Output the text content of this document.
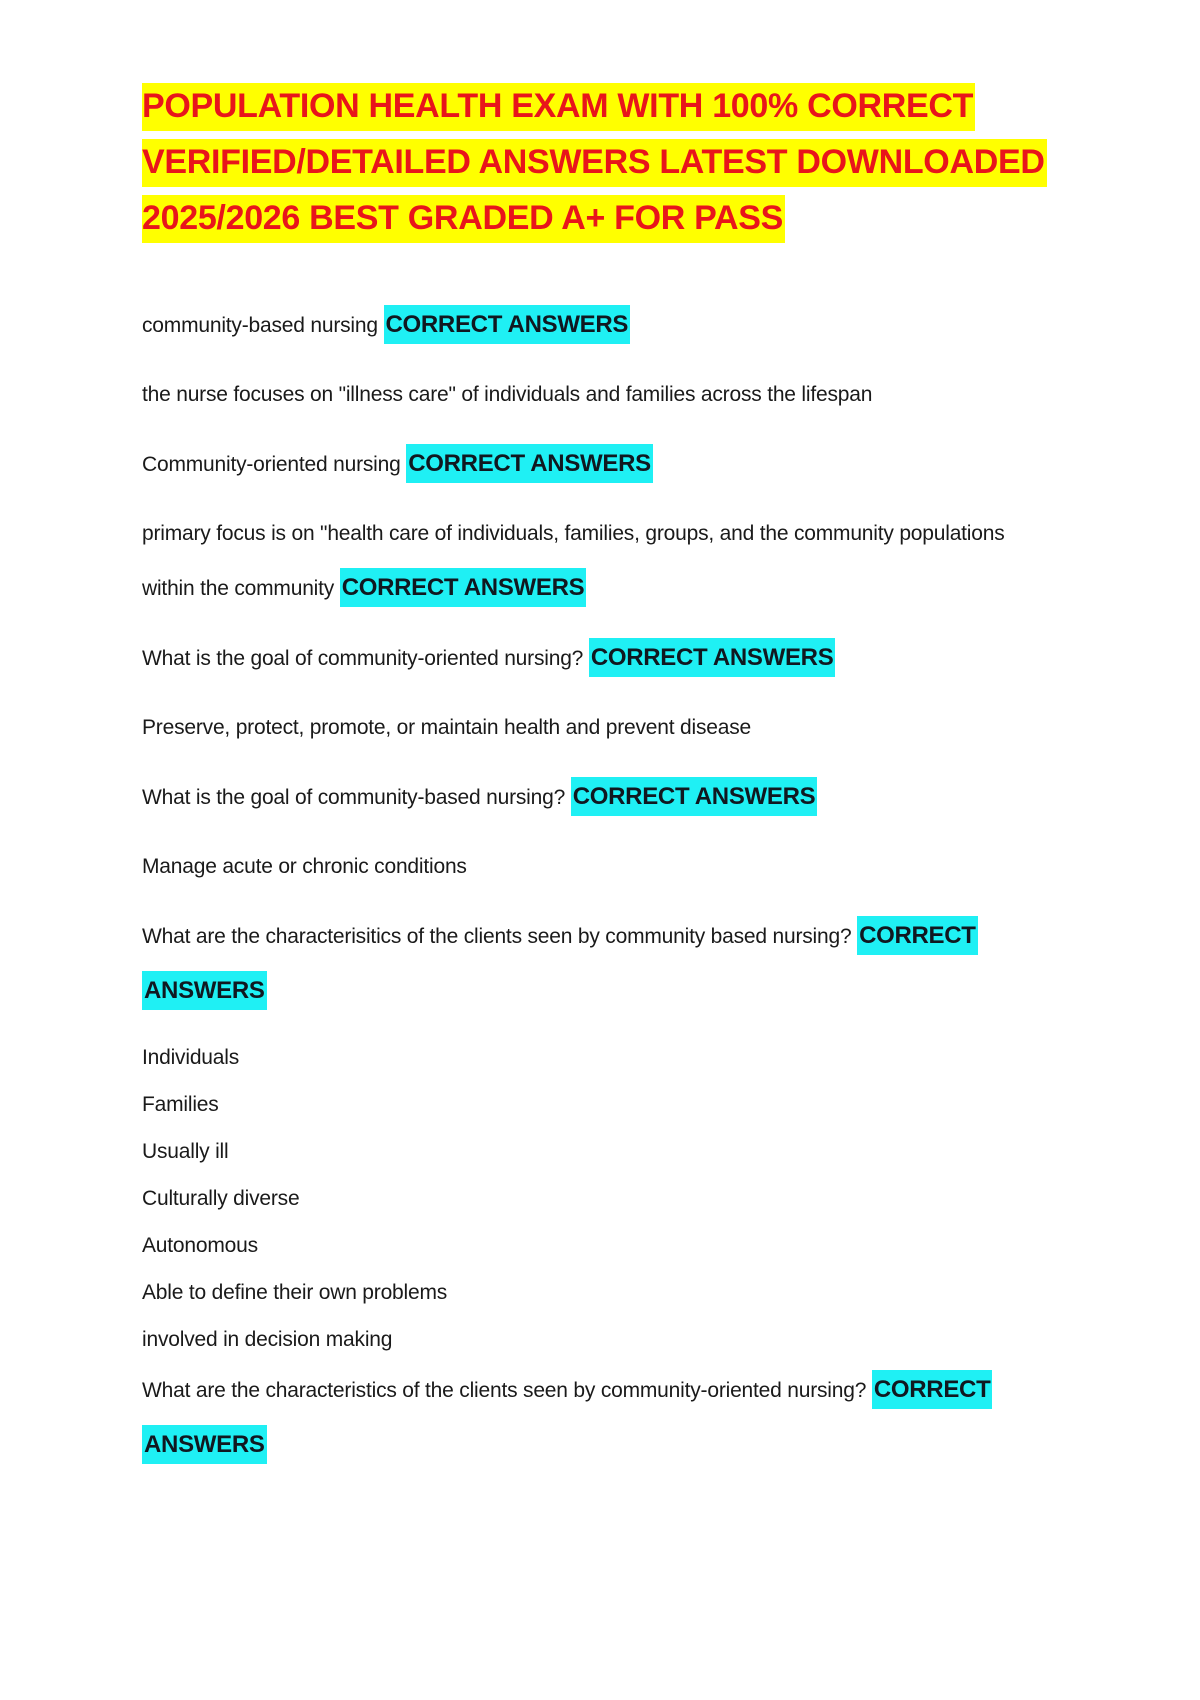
POPULATION HEALTH EXAM WITH 100% CORRECT
VERIFIED/DETAILED ANSWERS LATEST DOWNLOADED
2025/2026 BEST GRADED A+ FOR PASS

community-based nursing CORRECT ANSWERS

the nurse focuses on "illness care" of individuals and families across the lifespan

Community-oriented nursing CORRECT ANSWERS

primary focus is on "health care of individuals, families, groups, and the community populations within the community CORRECT ANSWERS

What is the goal of community-oriented nursing? CORRECT ANSWERS

Preserve, protect, promote, or maintain health and prevent disease

What is the goal of community-based nursing? CORRECT ANSWERS

Manage acute or chronic conditions

What are the characterisitics of the clients seen by community based nursing? CORRECT
ANSWERS

Individuals

Families

Usually ill

Culturally diverse

Autonomous

Able to define their own problems

involved in decision making

What are the characteristics of the clients seen by community-oriented nursing? CORRECT
ANSWERS
